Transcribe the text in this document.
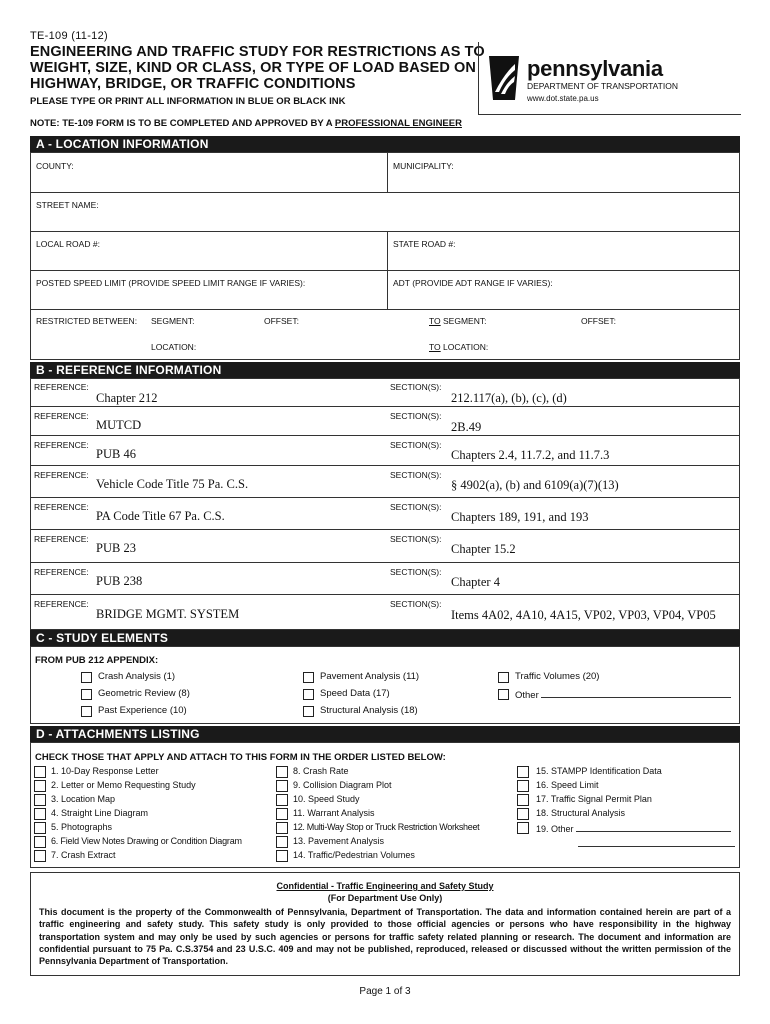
TE-109 (11-12)
ENGINEERING AND TRAFFIC STUDY FOR RESTRICTIONS AS TO
WEIGHT, SIZE, KIND OR CLASS, OR TYPE OF LOAD BASED ON
HIGHWAY, BRIDGE, OR TRAFFIC CONDITIONS
PLEASE TYPE OR PRINT ALL INFORMATION IN BLUE OR BLACK INK
pennsylvania
DEPARTMENT OF TRANSPORTATION
www.dot.state.pa.us
NOTE: TE-109 FORM IS TO BE COMPLETED AND APPROVED BY A PROFESSIONAL ENGINEER
A - LOCATION INFORMATION
COUNTY:	MUNICIPALITY:
STREET NAME:
LOCAL ROAD #:	STATE ROAD #:
POSTED SPEED LIMIT (PROVIDE SPEED LIMIT RANGE IF VARIES):	ADT (PROVIDE ADT RANGE IF VARIES):
RESTRICTED BETWEEN: SEGMENT:	OFFSET:	TO SEGMENT:	OFFSET:
LOCATION:	TO LOCATION:
B - REFERENCE INFORMATION
REFERENCE:
Chapter 212
SECTION(S):
212.117(a), (b), (c), (d)
REFERENCE:
MUTCD
SECTION(S):
2B.49
REFERENCE:
PUB 46
SECTION(S):
Chapters 2.4, 11.7.2, and 11.7.3
REFERENCE:
Vehicle Code Title 75 Pa. C.S.
SECTION(S):
§ 4902(a), (b) and 6109(a)(7)(13)
REFERENCE:
PA Code Title 67 Pa. C.S.
SECTION(S):
Chapters 189, 191, and 193
REFERENCE:
PUB 23
SECTION(S):
Chapter 15.2
REFERENCE:
PUB 238
SECTION(S):
Chapter 4
REFERENCE:
BRIDGE MGMT. SYSTEM
SECTION(S):
Items 4A02, 4A10, 4A15, VP02, VP03, VP04, VP05
C - STUDY ELEMENTS
FROM PUB 212 APPENDIX:
Crash Analysis (1)
Geometric Review (8)
Past Experience (10)
Pavement Analysis (11)
Speed Data (17)
Structural Analysis (18)
Traffic Volumes (20)
Other
D - ATTACHMENTS LISTING
CHECK THOSE THAT APPLY AND ATTACH TO THIS FORM IN THE ORDER LISTED BELOW:
1. 10-Day Response Letter
2. Letter or Memo Requesting Study
3. Location Map
4. Straight Line Diagram
5. Photographs
6. Field View Notes Drawing or Condition Diagram
7. Crash Extract
8. Crash Rate
9. Collision Diagram Plot
10. Speed Study
11. Warrant Analysis
12. Multi-Way Stop or Truck Restriction Worksheet
13. Pavement Analysis
14. Traffic/Pedestrian Volumes
15. STAMPP Identification Data
16. Speed Limit
17. Traffic Signal Permit Plan
18. Structural Analysis
19. Other
Confidential - Traffic Engineering and Safety Study
(For Department Use Only)
This document is the property of the Commonwealth of Pennsylvania, Department of Transportation. The data and information contained herein are part of a traffic engineering and safety study. This safety study is only provided to those official agencies or persons who have responsibility in the highway transportation system and may only be used by such agencies or persons for traffic safety related planning or research. The document and information are confidential pursuant to 75 Pa. C.S.3754 and 23 U.S.C. 409 and may not be published, reproduced, released or discussed without the written permission of the Pennsylvania Department of Transportation.
Page 1 of 3
